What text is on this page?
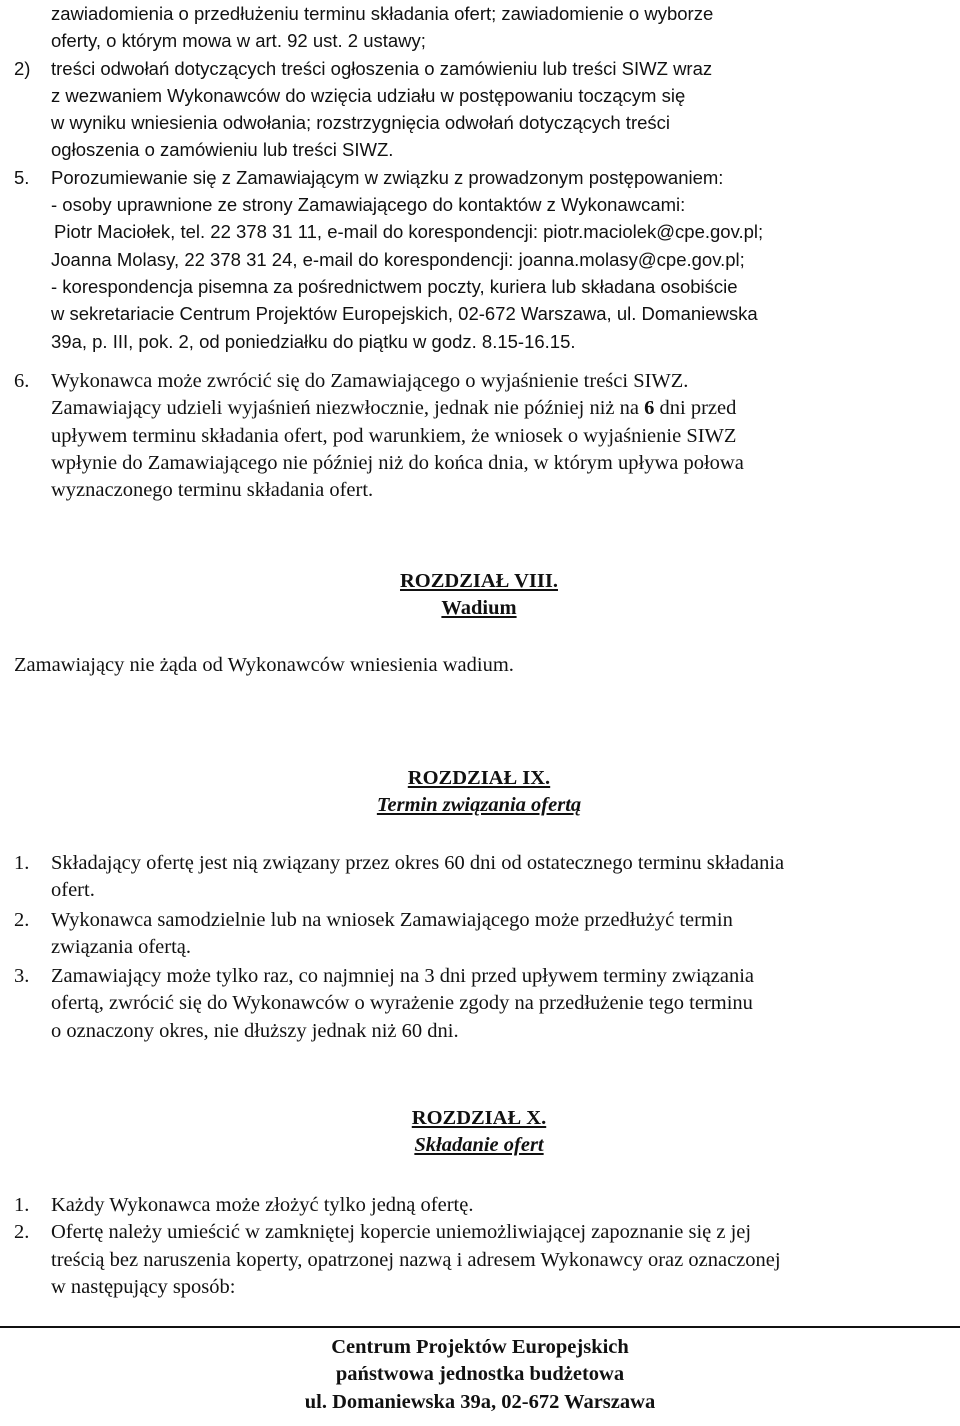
zawiadomienia o przedłużeniu terminu składania ofert; zawiadomienie o wyborze
oferty, o którym mowa w art. 92 ust. 2 ustawy;
2)	treści odwołań dotyczących treści ogłoszenia o zamówieniu lub treści SIWZ wraz
z wezwaniem Wykonawców do wzięcia udziału w postępowaniu toczącym się
w wyniku wniesienia odwołania; rozstrzygnięcia odwołań dotyczących treści
ogłoszenia o zamówieniu lub treści SIWZ.
5.	Porozumiewanie się z Zamawiającym w związku z prowadzonym postępowaniem:
- osoby uprawnione ze strony Zamawiającego do kontaktów z Wykonawcami:
Piotr Maciołek, tel. 22 378 31 11, e-mail do korespondencji: piotr.maciolek@cpe.gov.pl;
Joanna Molasy, 22 378 31 24, e-mail do korespondencji: joanna.molasy@cpe.gov.pl;
- korespondencja pisemna za pośrednictwem poczty, kuriera lub składana osobiście
w sekretariacie Centrum Projektów Europejskich, 02-672 Warszawa, ul. Domaniewska
39a, p. III, pok. 2, od poniedziałku do piątku w godz. 8.15-16.15.
6.	Wykonawca może zwrócić się do Zamawiającego o wyjaśnienie treści SIWZ.
Zamawiający udzieli wyjaśnień niezwłocznie, jednak nie później niż na
6
dni przed
upływem terminu składania ofert, pod warunkiem, że wniosek o wyjaśnienie SIWZ
wpłynie do Zamawiającego nie później niż do końca dnia, w którym upływa połowa
wyznaczonego terminu składania ofert.
ROZDZIAŁ VIII.
Wadium
Zamawiający nie żąda od Wykonawców wniesienia wadium.
ROZDZIAŁ IX.
Termin związania ofertą
1.	Składający ofertę jest nią związany przez okres 60 dni od ostatecznego terminu składania
ofert.
2.	Wykonawca samodzielnie lub na wniosek Zamawiającego może przedłużyć termin
związania ofertą.
3.	Zamawiający może tylko raz, co najmniej na 3 dni przed upływem terminy związania
ofertą, zwrócić się do Wykonawców o wyrażenie zgody na przedłużenie tego terminu
o oznaczony okres, nie dłuższy jednak niż 60 dni.
ROZDZIAŁ X.
Składanie ofert
1.	Każdy Wykonawca może złożyć tylko jedną ofertę.
2.	Ofertę należy umieścić w zamkniętej kopercie uniemożliwiającej zapoznanie się z jej
treścią bez naruszenia koperty, opatrzonej nazwą i adresem Wykonawcy oraz oznaczonej
w następujący sposób:
Centrum Projektów Europejskich
państwowa jednostka budżetowa
ul. Domaniewska 39a, 02-672 Warszawa
